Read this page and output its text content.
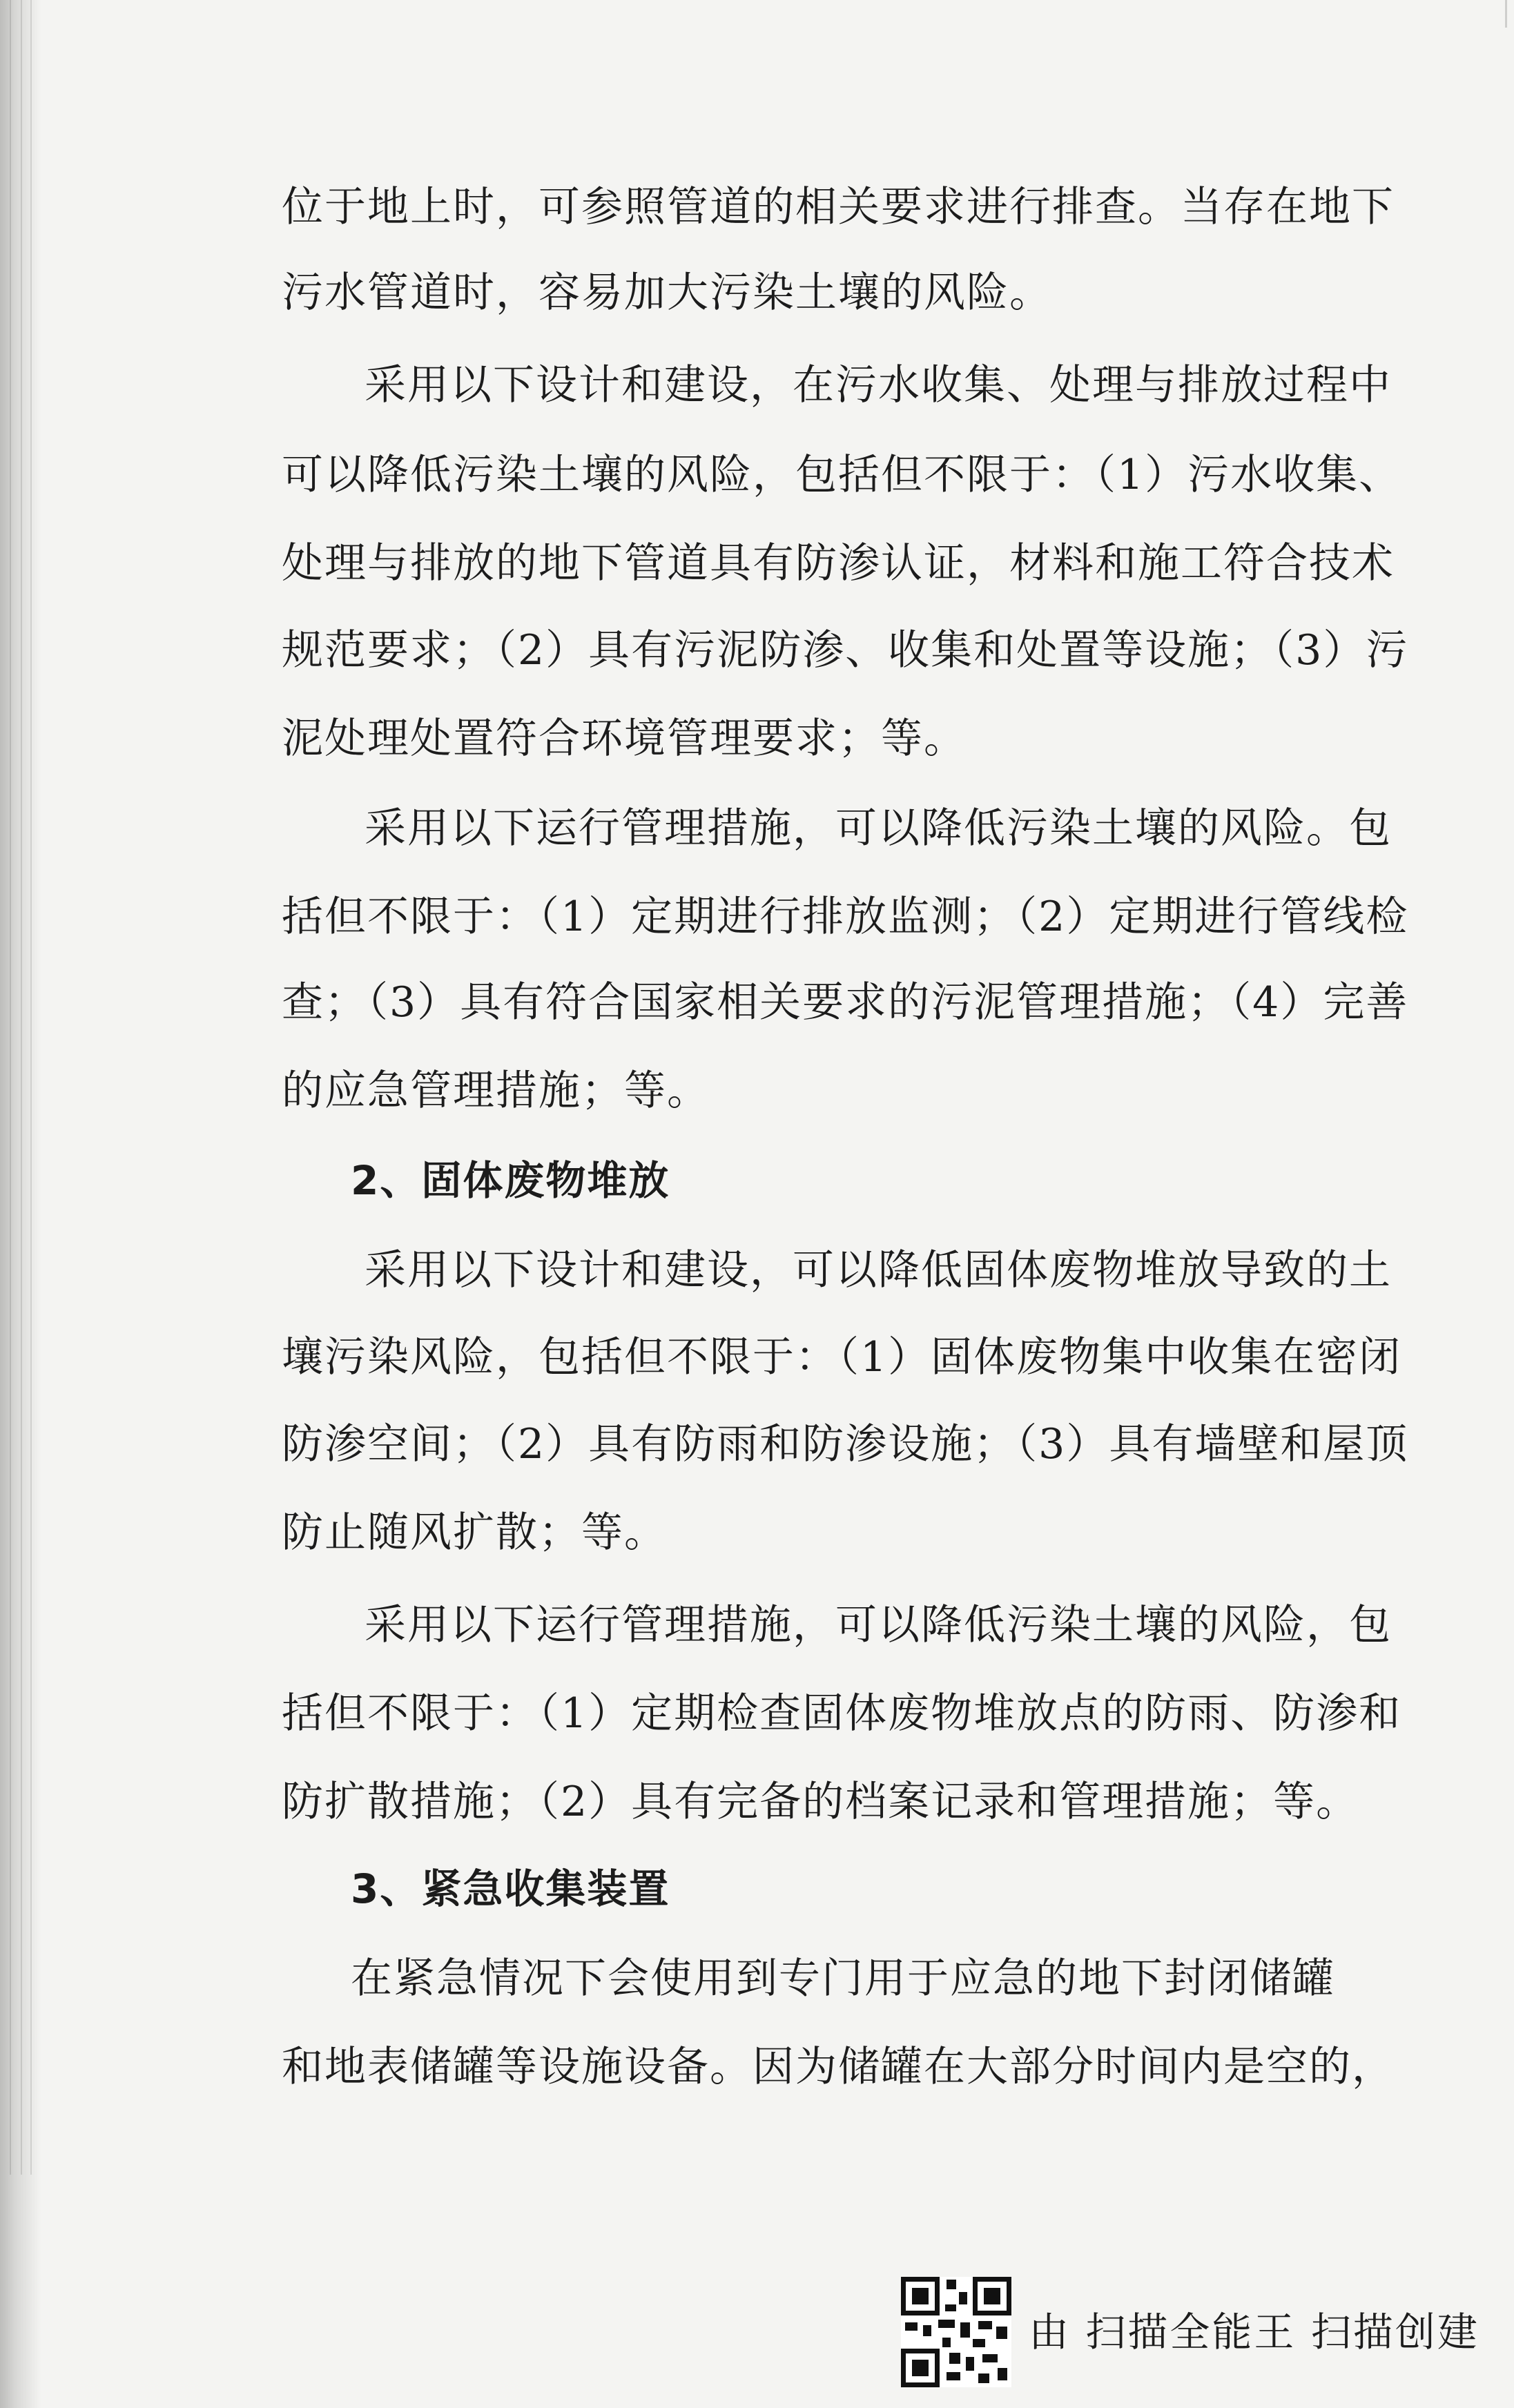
位于地上时，可参照管道的相关要求进行排查。当存在地下
污水管道时，容易加大污染土壤的风险。
采用以下设计和建设，在污水收集、处理与排放过程中
可以降低污染土壤的风险，包括但不限于：（1）污水收集、
处理与排放的地下管道具有防渗认证，材料和施工符合技术
规范要求；（2）具有污泥防渗、收集和处置等设施；（3）污
泥处理处置符合环境管理要求；等。
采用以下运行管理措施，可以降低污染土壤的风险。包
括但不限于：（1）定期进行排放监测；（2）定期进行管线检
查；（3）具有符合国家相关要求的污泥管理措施；（4）完善
的应急管理措施；等。
2、固体废物堆放
采用以下设计和建设，可以降低固体废物堆放导致的土
壤污染风险，包括但不限于：（1）固体废物集中收集在密闭
防渗空间；（2）具有防雨和防渗设施；（3）具有墙壁和屋顶
防止随风扩散；等。
采用以下运行管理措施，可以降低污染土壤的风险，包
括但不限于：（1）定期检查固体废物堆放点的防雨、防渗和
防扩散措施；（2）具有完备的档案记录和管理措施；等。
3、紧急收集装置
在紧急情况下会使用到专门用于应急的地下封闭储罐
和地表储罐等设施设备。因为储罐在大部分时间内是空的，
由 扫描全能王 扫描创建
